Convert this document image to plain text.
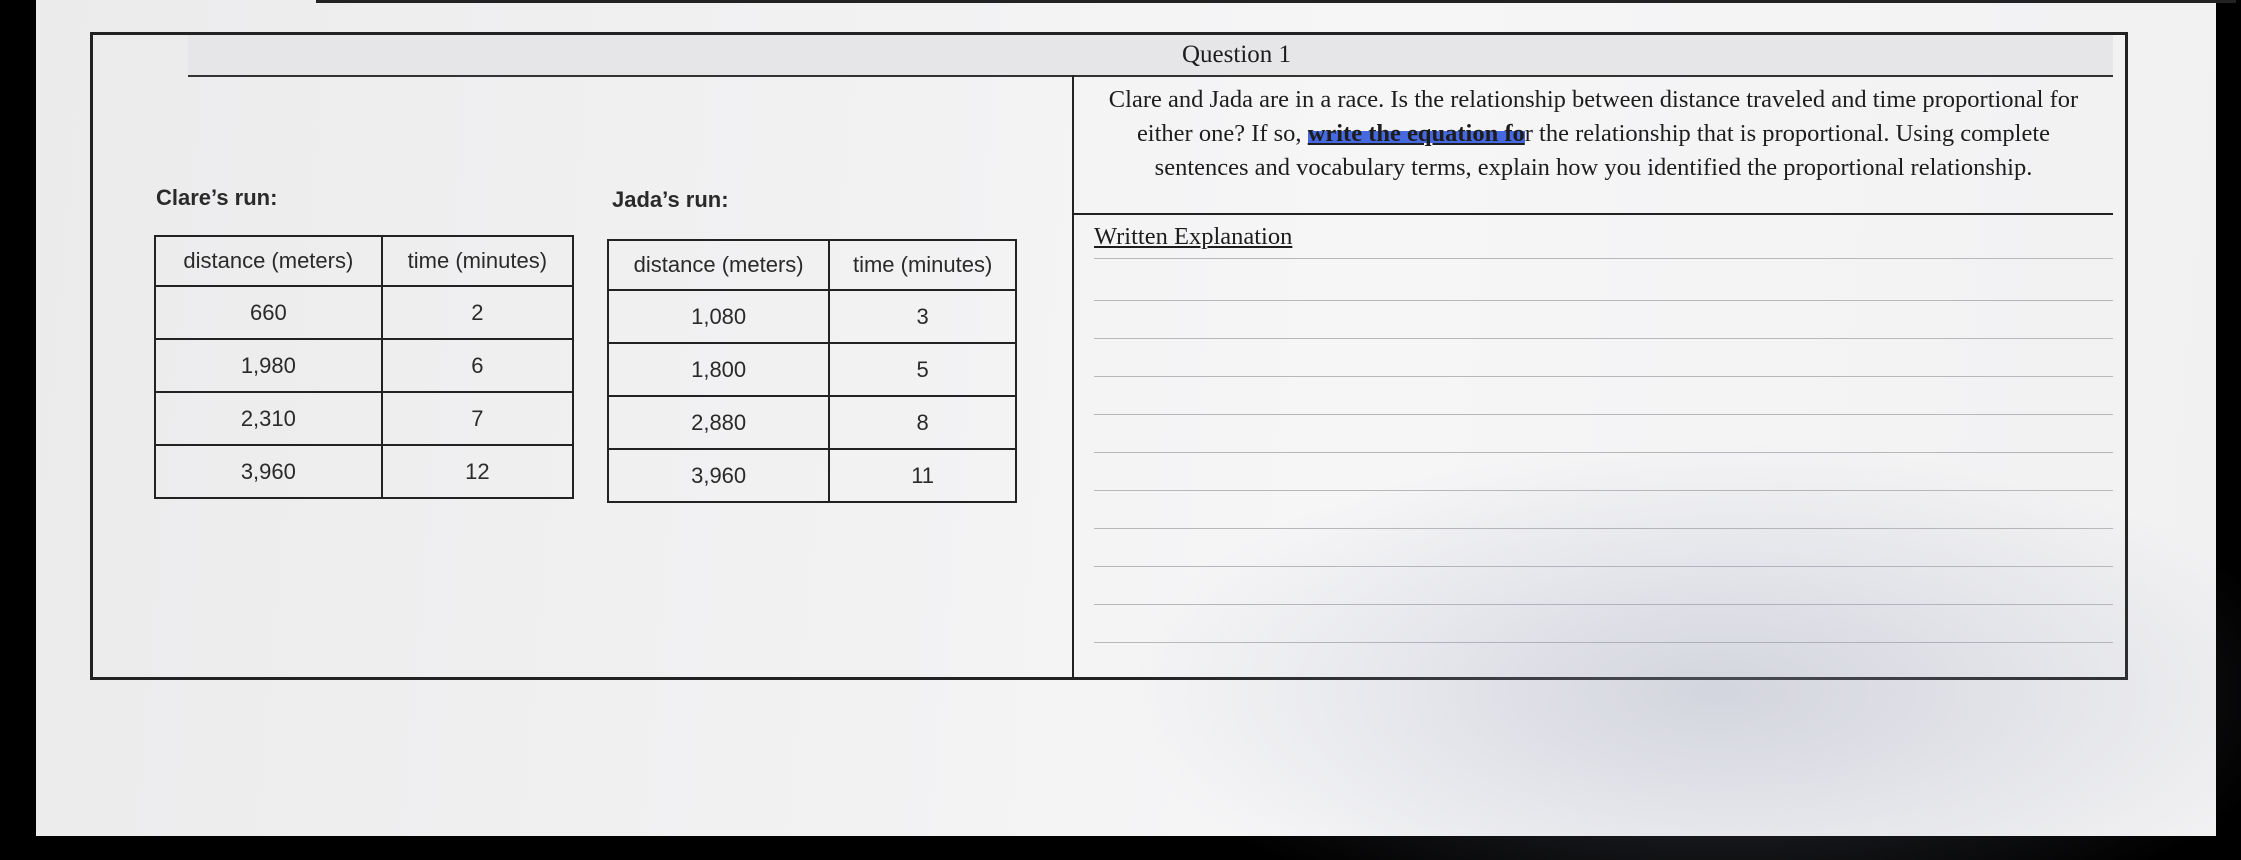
Question 1
Clare’s run:
distance (meters)	time (minutes)
660	2
1,980	6
2,310	7
3,960	12
Jada’s run:
distance (meters)	time (minutes)
1,080	3
1,800	5
2,880	8
3,960	11
Clare and Jada are in a race. Is the relationship between distance traveled and time proportional for either one? If so, write the equation for the relationship that is proportional. Using complete sentences and vocabulary terms, explain how you identified the proportional relationship.
Written Explanation
